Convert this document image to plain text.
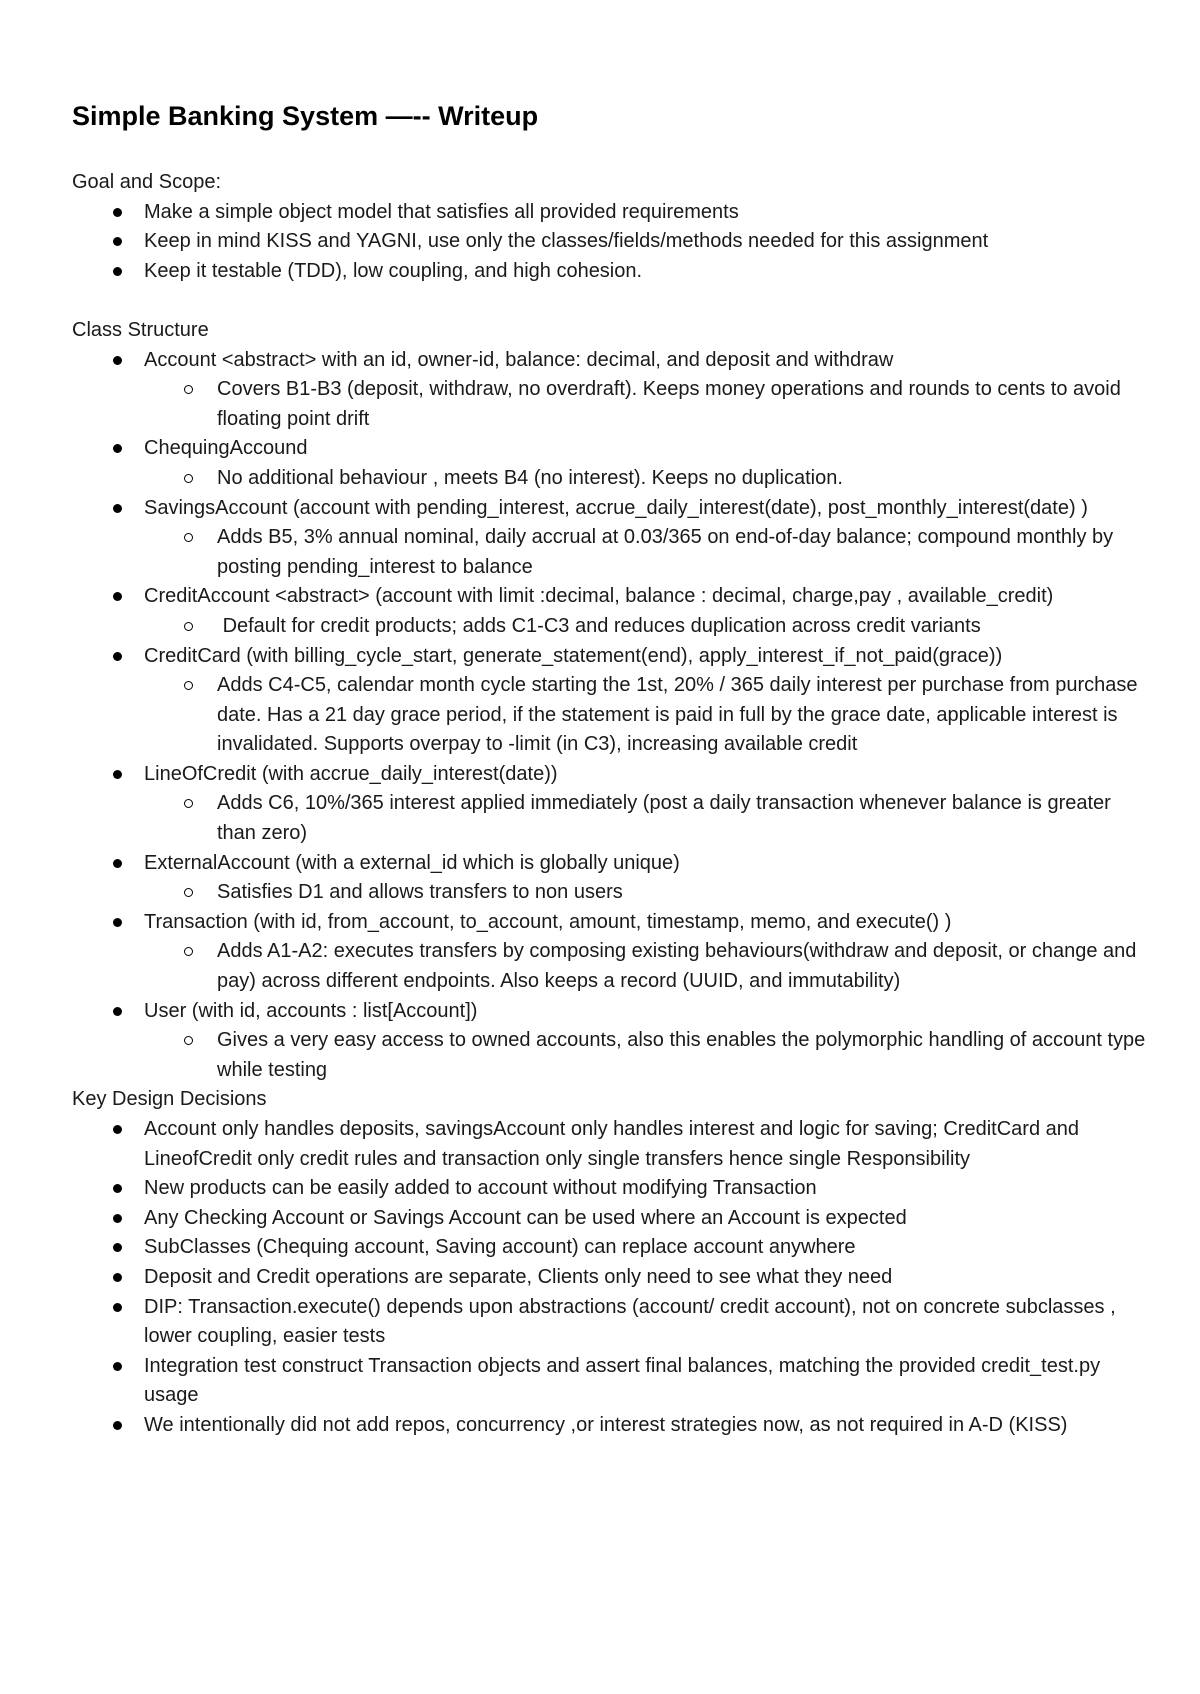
Simple Banking System —-- Writeup
Goal and Scope:
Make a simple object model that satisfies all provided requirements
Keep in mind KISS and YAGNI, use only the classes/fields/methods needed for this assignment
Keep it testable (TDD), low coupling, and high cohesion.
Class Structure
Account <abstract> with an id, owner-id, balance: decimal, and deposit and withdraw
Covers B1-B3 (deposit, withdraw, no overdraft). Keeps money operations and rounds to cents to avoid floating point drift
ChequingAccound
No additional behaviour , meets B4 (no interest). Keeps no duplication.
SavingsAccount (account with pending_interest, accrue_daily_interest(date), post_monthly_interest(date) )
Adds B5, 3% annual nominal, daily accrual at 0.03/365 on end-of-day balance; compound monthly by posting pending_interest to balance
CreditAccount <abstract> (account with limit :decimal, balance : decimal, charge,pay , available_credit)
Default for credit products; adds C1-C3 and reduces duplication across credit variants
CreditCard (with billing_cycle_start, generate_statement(end), apply_interest_if_not_paid(grace))
Adds C4-C5, calendar month cycle starting the 1st, 20% / 365 daily interest per purchase from purchase date. Has a 21 day grace period, if the statement is paid in full by the grace date, applicable interest is invalidated. Supports overpay to -limit (in C3), increasing available credit
LineOfCredit (with accrue_daily_interest(date))
Adds C6, 10%/365 interest applied immediately (post a daily transaction whenever balance is greater than zero)
ExternalAccount (with a external_id which is globally unique)
Satisfies D1 and allows transfers to non users
Transaction (with id, from_account, to_account, amount, timestamp, memo, and execute() )
Adds A1-A2: executes transfers by composing existing behaviours(withdraw and deposit, or change and pay) across different endpoints. Also keeps a record (UUID, and immutability)
User (with id, accounts : list[Account])
Gives a very easy access to owned accounts, also this enables the polymorphic handling of account type while testing
Key Design Decisions
Account only handles deposits, savingsAccount only handles interest and logic for saving; CreditCard and LineofCredit only credit rules and transaction only single transfers hence single Responsibility
New products can be easily added to account without modifying Transaction
Any Checking Account or Savings Account can be used where an Account is expected
SubClasses (Chequing account, Saving account) can replace account anywhere
Deposit and Credit operations are separate, Clients only need to see what they need
DIP: Transaction.execute() depends upon abstractions (account/ credit account), not on concrete subclasses , lower coupling, easier tests
Integration test construct Transaction objects and assert final balances, matching the provided credit_test.py usage
We intentionally did not add repos, concurrency ,or interest strategies now, as not required in A-D (KISS)
